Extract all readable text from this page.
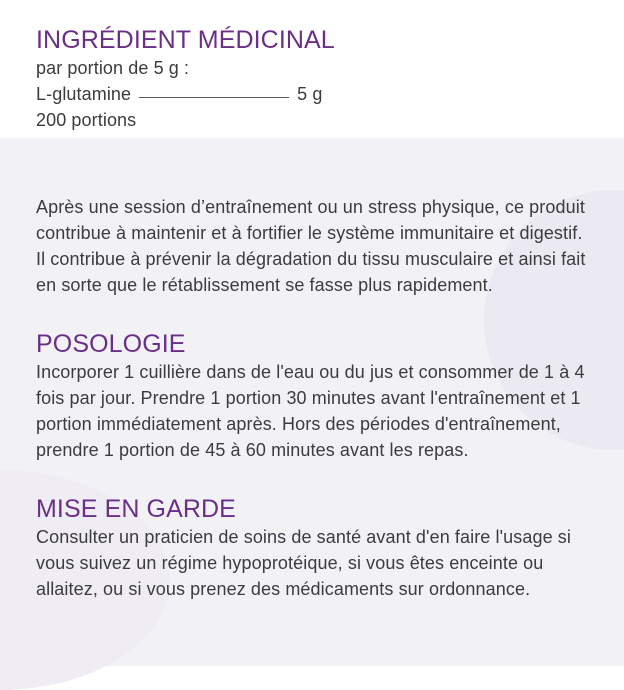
INGRÉDIENT MÉDICINAL

par portion de 5 g :

L-glutamine	5 g

200 portions

Après une session d’entraînement ou un stress physique, ce produit contribue à maintenir et à fortifier le système immunitaire et digestif. Il contribue à prévenir la dégradation du tissu musculaire et ainsi fait en sorte que le rétablissement se fasse plus rapidement.

POSOLOGIE

Incorporer 1 cuillière dans de l'eau ou du jus et consommer de 1 à 4 fois par jour. Prendre 1 portion 30 minutes avant l'entraînement et 1 portion immédiatement après. Hors des périodes d'entraînement, prendre 1 portion de 45 à 60 minutes avant les repas.

MISE EN GARDE

Consulter un praticien de soins de santé avant d'en faire l'usage si vous suivez un régime hypoprotéique, si vous êtes enceinte ou allaitez, ou si vous prenez des médicaments sur ordonnance.
